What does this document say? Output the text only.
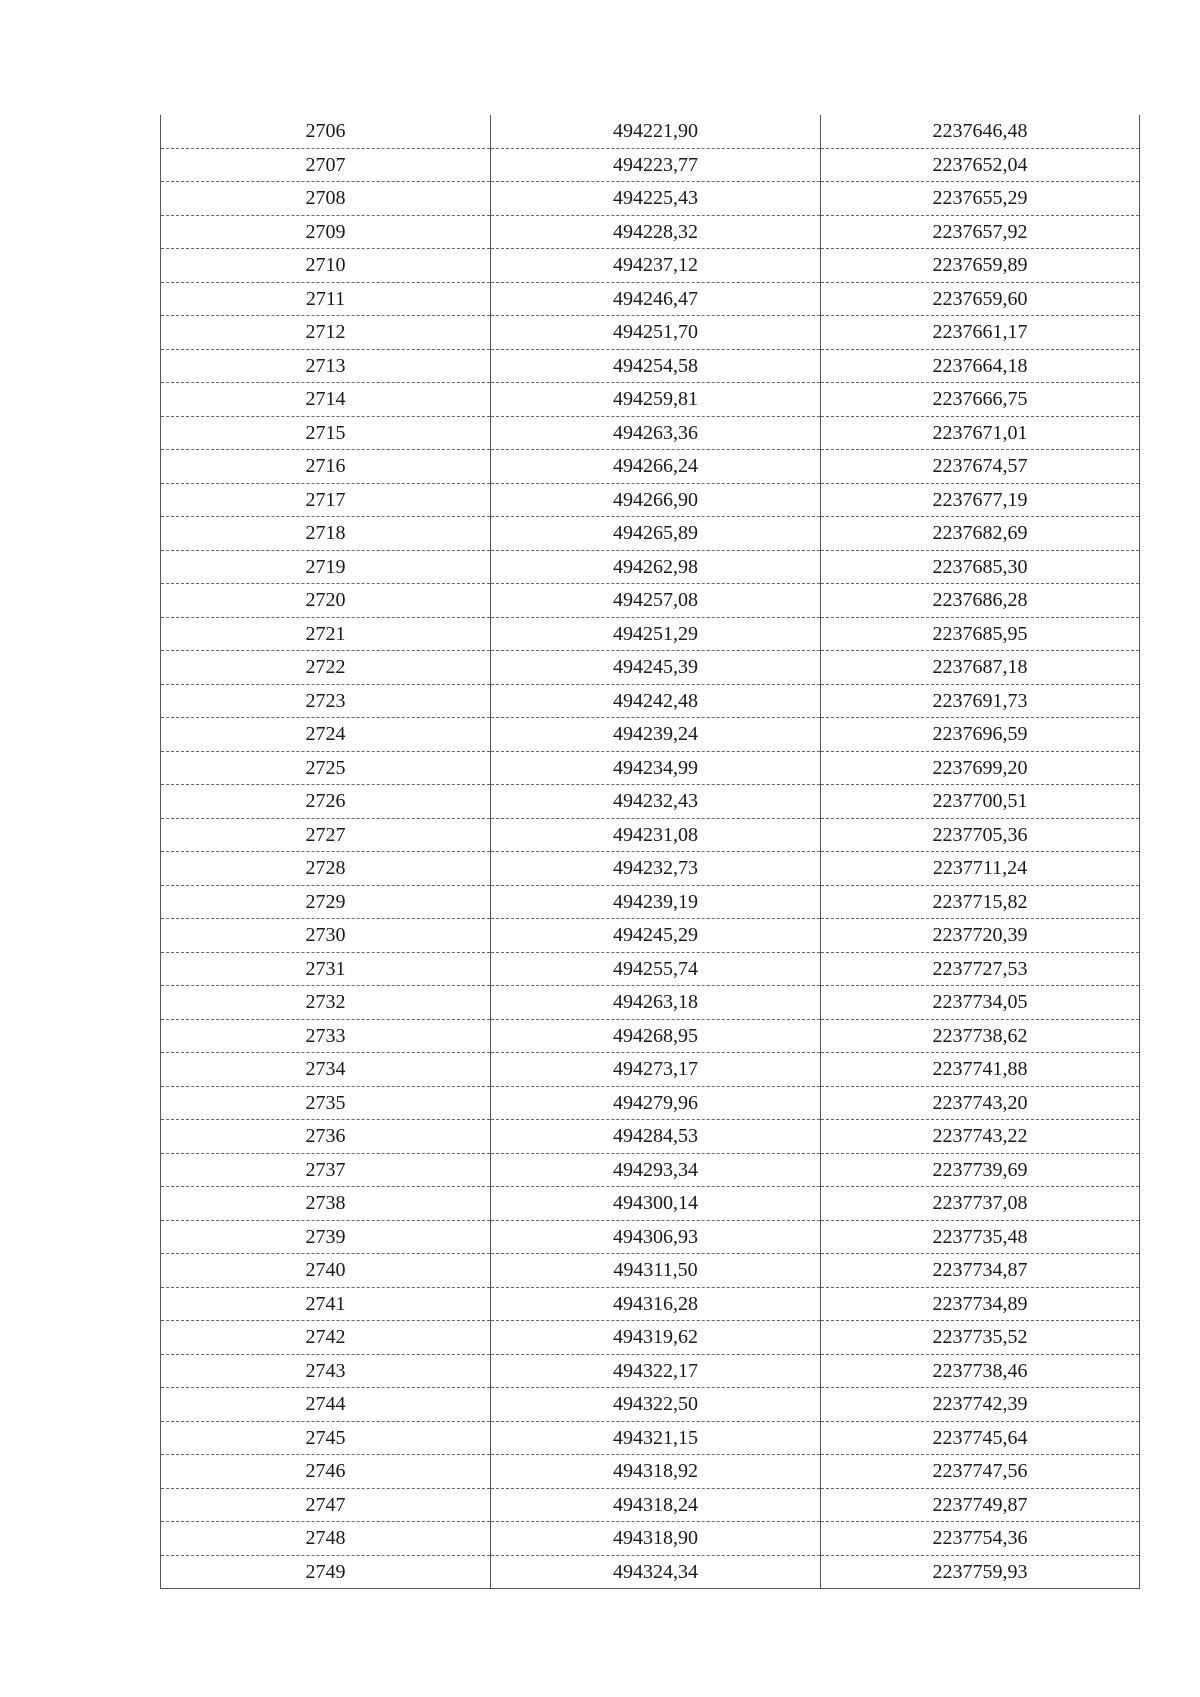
2706	494221,90	2237646,48
2707	494223,77	2237652,04
2708	494225,43	2237655,29
2709	494228,32	2237657,92
2710	494237,12	2237659,89
2711	494246,47	2237659,60
2712	494251,70	2237661,17
2713	494254,58	2237664,18
2714	494259,81	2237666,75
2715	494263,36	2237671,01
2716	494266,24	2237674,57
2717	494266,90	2237677,19
2718	494265,89	2237682,69
2719	494262,98	2237685,30
2720	494257,08	2237686,28
2721	494251,29	2237685,95
2722	494245,39	2237687,18
2723	494242,48	2237691,73
2724	494239,24	2237696,59
2725	494234,99	2237699,20
2726	494232,43	2237700,51
2727	494231,08	2237705,36
2728	494232,73	2237711,24
2729	494239,19	2237715,82
2730	494245,29	2237720,39
2731	494255,74	2237727,53
2732	494263,18	2237734,05
2733	494268,95	2237738,62
2734	494273,17	2237741,88
2735	494279,96	2237743,20
2736	494284,53	2237743,22
2737	494293,34	2237739,69
2738	494300,14	2237737,08
2739	494306,93	2237735,48
2740	494311,50	2237734,87
2741	494316,28	2237734,89
2742	494319,62	2237735,52
2743	494322,17	2237738,46
2744	494322,50	2237742,39
2745	494321,15	2237745,64
2746	494318,92	2237747,56
2747	494318,24	2237749,87
2748	494318,90	2237754,36
2749	494324,34	2237759,93
